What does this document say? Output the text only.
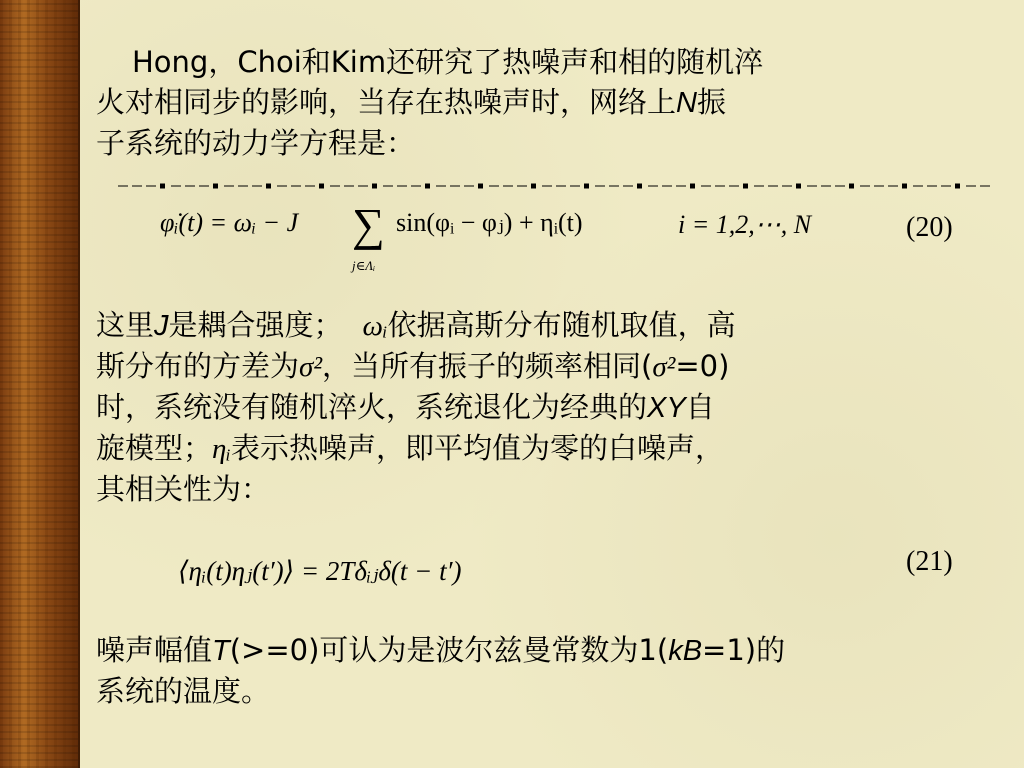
Hong，Choi和Kim还研究了热噪声和相的随机淬
火对相同步的影响，当存在热噪声时，网络上N振
子系统的动力学方程是：
φ̇ᵢ(t) = ωᵢ − J ∑
j∈Λᵢ
sin(φᵢ − φⱼ) + ηᵢ(t)	i = 1,2,⋯, N	(20)
这里J是耦合强度； ωᵢ依据高斯分布随机取值，高
斯分布的方差为σ²，当所有振子的频率相同(σ²=0)
时，系统没有随机淬火，系统退化为经典的XY自
旋模型；ηᵢ表示热噪声，即平均值为零的白噪声，
其相关性为：
⟨ηᵢ(t)ηⱼ(t′)⟩ = 2Tδᵢⱼδ(t − t′)	(21)
噪声幅值T(>=0)可认为是波尔兹曼常数为1(kB=1)的
系统的温度。
